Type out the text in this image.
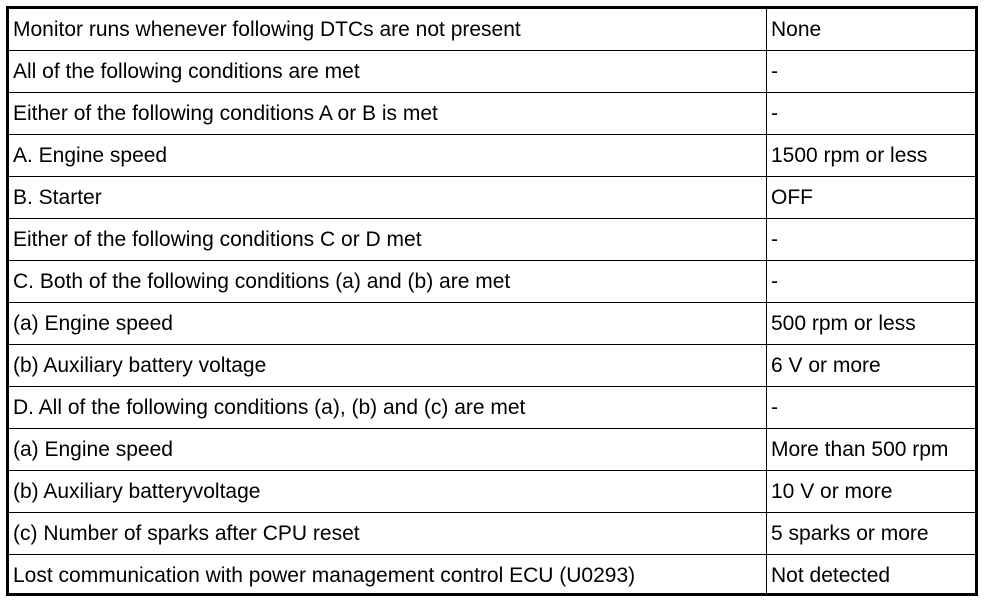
Monitor runs whenever following DTCs are not present	None
All of the following conditions are met	-
Either of the following conditions A or B is met	-
A. Engine speed	1500 rpm or less
B. Starter	OFF
Either of the following conditions C or D met	-
C. Both of the following conditions (a) and (b) are met	-
(a) Engine speed	500 rpm or less
(b) Auxiliary battery voltage	6 V or more
D. All of the following conditions (a), (b) and (c) are met	-
(a) Engine speed	More than 500 rpm
(b) Auxiliary batteryvoltage	10 V or more
(c) Number of sparks after CPU reset	5 sparks or more
Lost communication with power management control ECU (U0293)	Not detected
